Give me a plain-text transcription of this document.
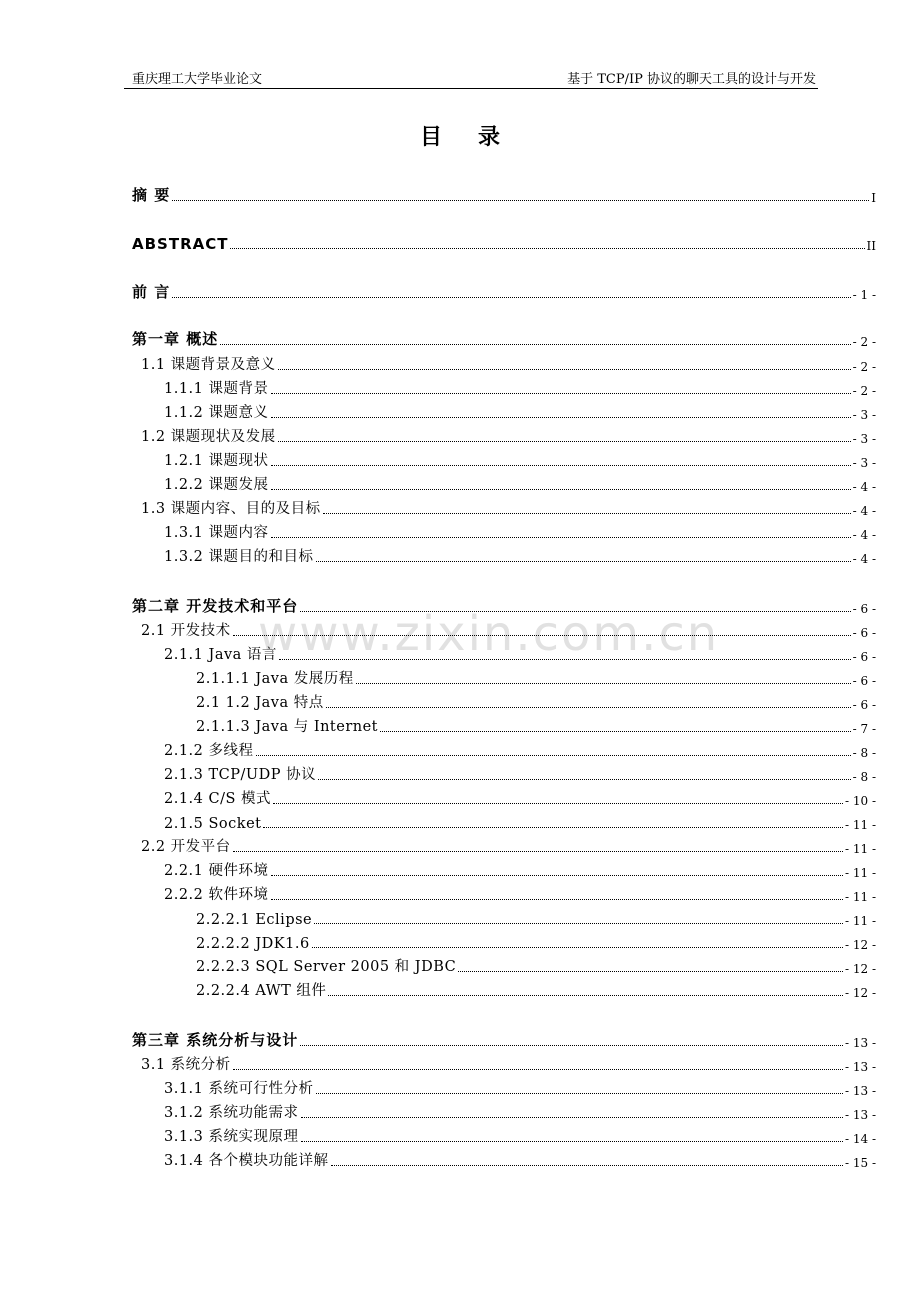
重庆理工大学毕业论文	基于 TCP/IP 协议的聊天工具的设计与开发
目录
www.zixin.com.cn
摘 要	I
ABSTRACT	II
前 言	- 1 -
第一章 概述	- 2 -
1.1 课题背景及意义	- 2 -
1.1.1 课题背景	- 2 -
1.1.2 课题意义	- 3 -
1.2 课题现状及发展	- 3 -
1.2.1 课题现状	- 3 -
1.2.2 课题发展	- 4 -
1.3 课题内容、目的及目标	- 4 -
1.3.1 课题内容	- 4 -
1.3.2 课题目的和目标	- 4 -
第二章 开发技术和平台	- 6 -
2.1 开发技术	- 6 -
2.1.1 Java 语言	- 6 -
2.1.1.1 Java 发展历程	- 6 -
2.1 1.2 Java 特点	- 6 -
2.1.1.3 Java 与 Internet	- 7 -
2.1.2 多线程	- 8 -
2.1.3 TCP/UDP 协议	- 8 -
2.1.4 C/S 模式	- 10 -
2.1.5 Socket	- 11 -
2.2 开发平台	- 11 -
2.2.1 硬件环境	- 11 -
2.2.2 软件环境	- 11 -
2.2.2.1 Eclipse	- 11 -
2.2.2.2 JDK1.6	- 12 -
2.2.2.3 SQL Server 2005 和 JDBC	- 12 -
2.2.2.4 AWT 组件	- 12 -
第三章 系统分析与设计	- 13 -
3.1 系统分析	- 13 -
3.1.1 系统可行性分析	- 13 -
3.1.2 系统功能需求	- 13 -
3.1.3 系统实现原理	- 14 -
3.1.4 各个模块功能详解	- 15 -
